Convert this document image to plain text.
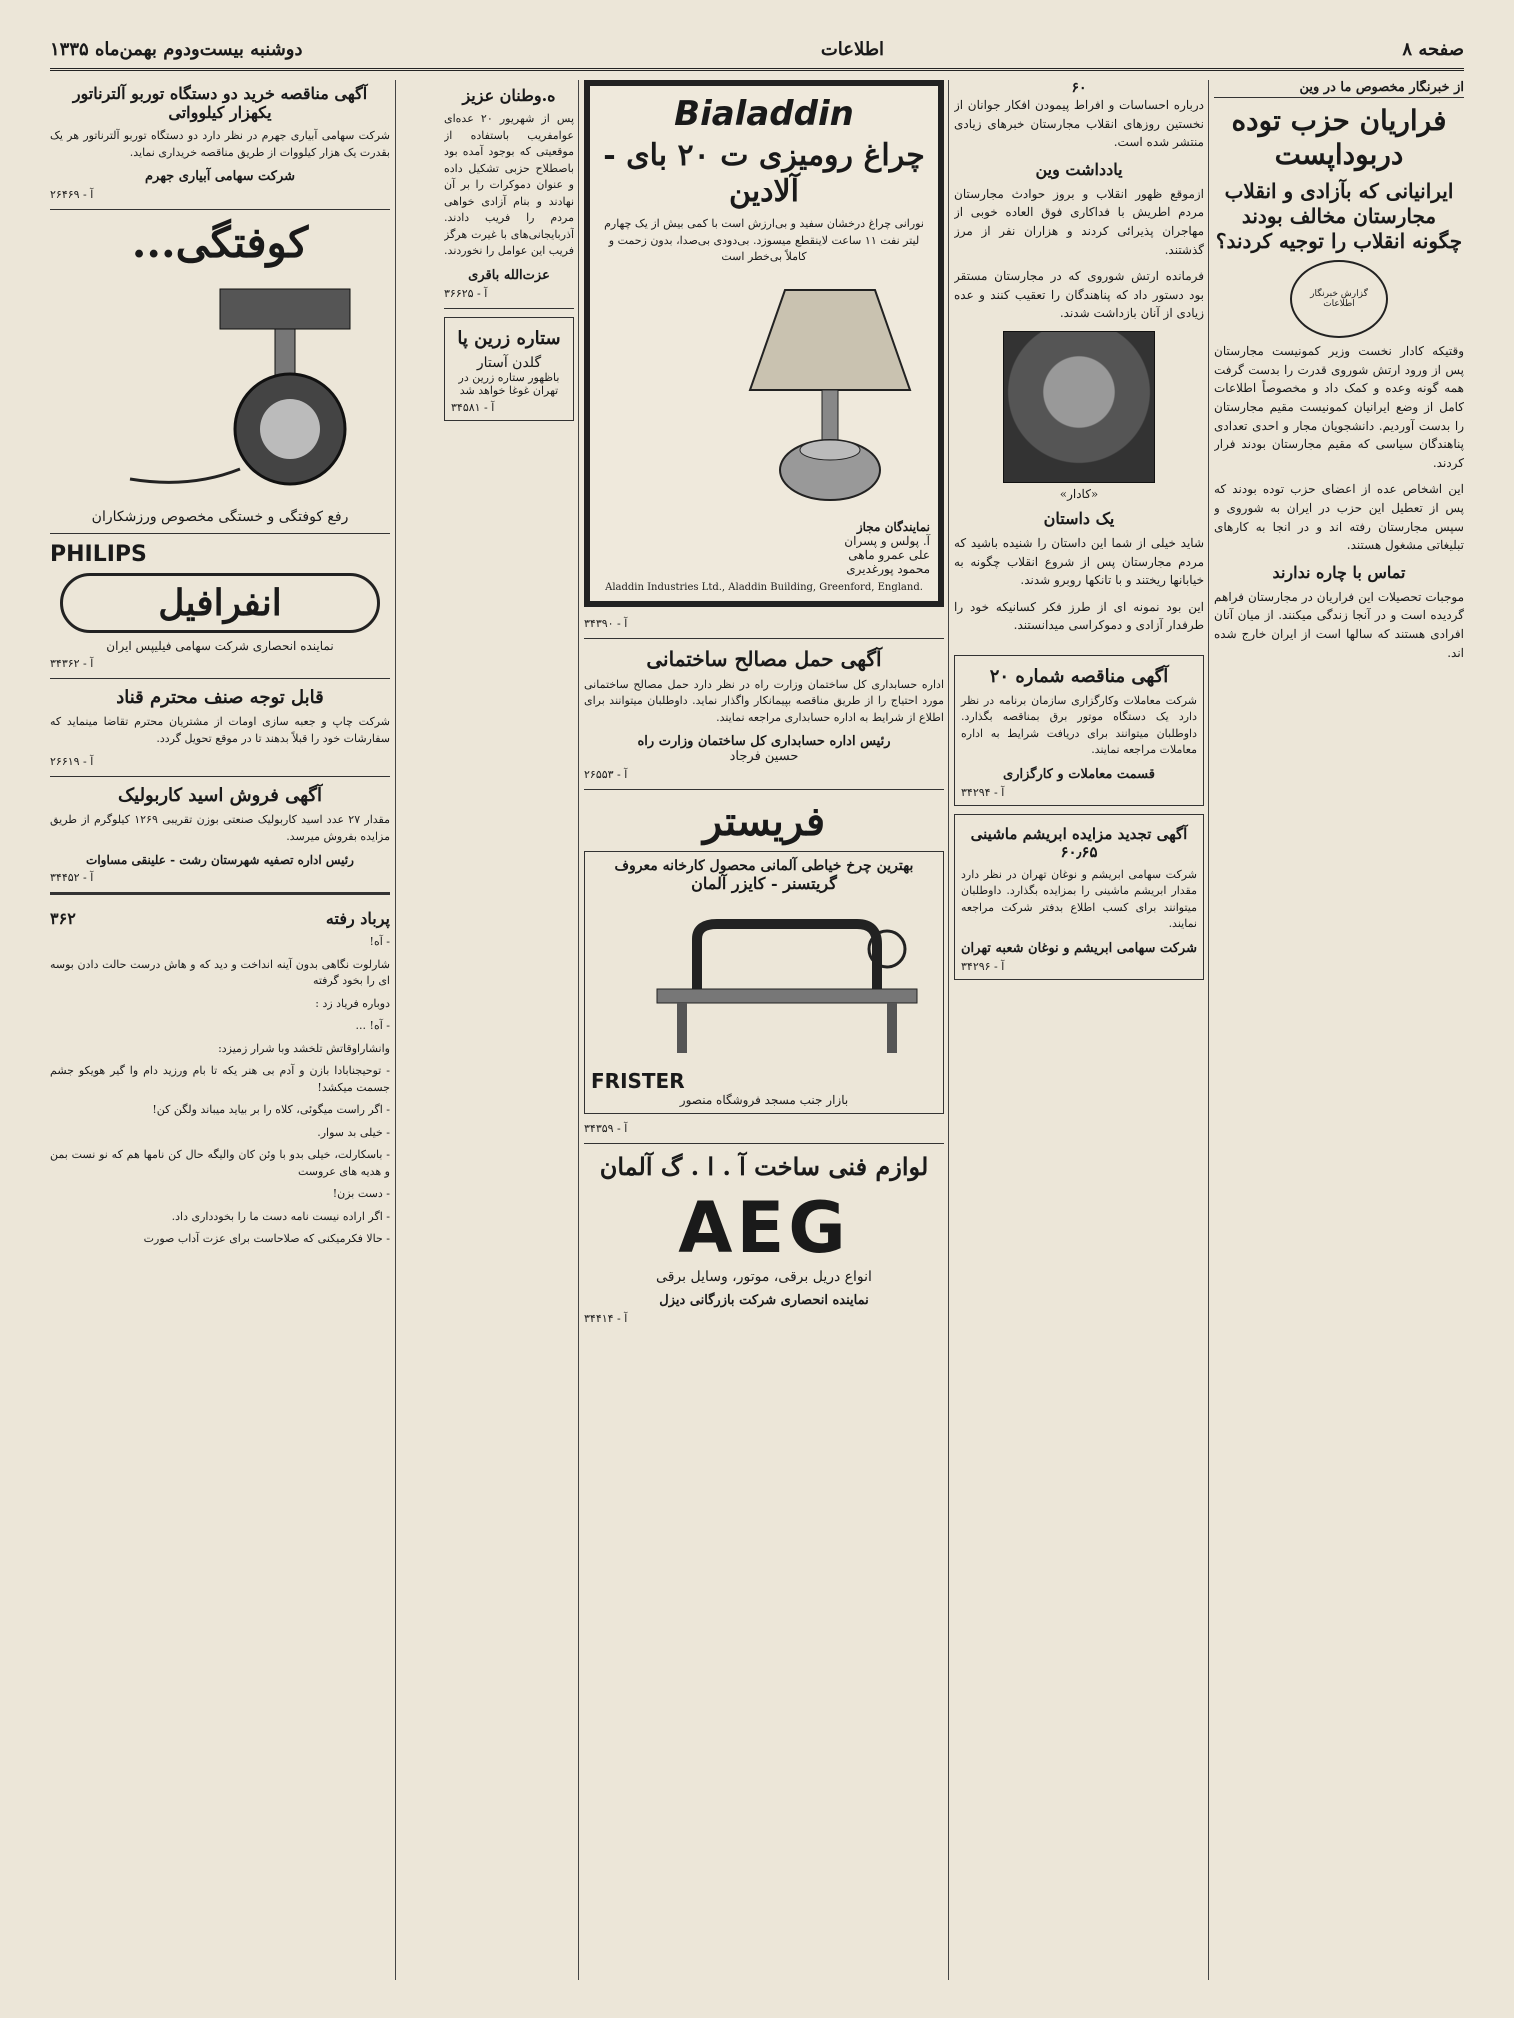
صفحه ۸
اطلاعات
دوشنبه بیست‌ودوم بهمن‌ماه ۱۳۳۵
از خبرنگار مخصوص ما در وین
فراریان حزب توده دربوداپست
ایرانیانی که بآزادی و انقلاب مجارستان مخالف بودند چگونه انقلاب را توجیه کردند؟
گزارش خبرنگار اطلاعات

وقتیکه کادار نخست وزیر کمونیست مجارستان پس از ورود ارتش شوروی قدرت را بدست گرفت همه گونه وعده و کمک داد و مخصوصاً اطلاعات کامل از وضع ایرانیان کمونیست مقیم مجارستان را بدست آوردیم. دانشجویان مجار و احدی تعدادی پناهندگان سیاسی که مقیم مجارستان بودند فرار کردند.

این اشخاص عده از اعضای حزب توده بودند که پس از تعطیل این حزب در ایران به شوروی و سپس مجارستان رفته اند و در انجا به کارهای تبلیغاتی مشغول هستند.

تماس با چاره ندارند

موجبات تحصیلات این فراریان در مجارستان فراهم گردیده است و در آنجا زندگی میکنند. از میان آنان افرادی هستند که سالها است از ایران خارج شده اند.

۶۰

درباره احساسات و افراط پیمودن افکار جوانان از نخستین روزهای انقلاب مجارستان خبرهای زیادی منتشر شده است.

یادداشت وین

ازموقع ظهور انقلاب و بروز حوادث مجارستان مردم اطریش با فداکاری فوق العاده خوبی از مهاجران پذیرائی کردند و هزاران نفر از مرز گذشتند.

فرمانده ارتش شوروی که در مجارستان مستقر بود دستور داد که پناهندگان را تعقیب کنند و عده زیادی از آنان بازداشت شدند.

«کادار»
یک داستان

شاید خیلی از شما این داستان را شنیده باشید که مردم مجارستان پس از شروع انقلاب چگونه به خیابانها ریختند و با تانکها روبرو شدند.

این بود نمونه ای از طرز فکر کسانیکه خود را طرفدار آزادی و دموکراسی میدانستند.

آگهی مناقصه شماره ۲۰

شرکت معاملات وکارگزاری سازمان برنامه در نظر دارد یک دستگاه موتور برق بمناقصه بگذارد. داوطلبان میتوانند برای دریافت شرایط به اداره معاملات مراجعه نمایند.

قسمت معاملات و کارگزاری
آ - ۳۴۲۹۴
آگهی تجدید مزایده ابریشم ماشینی ۶۰٫۶۵

شرکت سهامی ابریشم و نوغان تهران در نظر دارد مقدار ابریشم ماشینی را بمزایده بگذارد. داوطلبان میتوانند برای کسب اطلاع بدفتر شرکت مراجعه نمایند.

شرکت سهامی ابریشم و نوغان شعبه تهران
آ - ۳۴۲۹۶
Bialaddin
چراغ رومیزی ت ۲۰ بای - آلادین

نورانی چراغ درخشان سفید و بی‌ارزش است با کمی بیش از یک چهارم لیتر نفت ۱۱ ساعت لاینقطع میسوزد. بی‌دودی بی‌صدا، بدون زحمت و کاملاً بی‌خطر است

نمایندگان مجاز
آ. پولس و پسران
علی عمرو ماهی
محمود پورغدیری
Aladdin Industries Ltd., Aladdin Building, Greenford, England.
آ - ۳۴۳۹۰
آگهی حمل مصالح ساختمانی

اداره حسابداری کل ساختمان وزارت راه در نظر دارد حمل مصالح ساختمانی مورد احتیاج را از طریق مناقصه بپیمانکار واگذار نماید. داوطلبان میتوانند برای اطلاع از شرایط به اداره حسابداری مراجعه نمایند.

رئیس اداره حسابداری کل ساختمان وزارت راه
حسین فرجاد
آ - ۲۶۵۵۳
فریستر
بهترین چرخ خیاطی آلمانی محصول کارخانه معروف
گریتسنر - کایزر آلمان
FRISTER
بازار جنب مسجد فروشگاه منصور
آ - ۳۴۳۵۹
لوازم فنی ساخت آ . ا . گ آلمان
AEG
انواع دریل برقی، موتور، وسایل برقی
نماینده انحصاری شرکت بازرگانی دیزل
آ - ۳۴۴۱۴
ه.وطنان عزیز

پس از شهریور ۲۰ عده‌ای عوامفریب باستفاده از موقعیتی که بوجود آمده بود باصطلاح حزبی تشکیل داده و عنوان دموکرات را بر آن نهادند و بنام آزادی خواهی مردم را فریب دادند. آذربایجانی‌های با غیرت هرگز فریب این عوامل را نخوردند.

عزت‌الله باقری
آ - ۳۶۶۲۵
ستاره زرین پا
گلدن آستار
باظهور ستاره زرین در تهران غوغا خواهد شد
آ - ۳۴۵۸۱
آگهی مناقصه خرید دو دستگاه توربو آلترناتور یکهزار کیلوواتی

شرکت سهامی آبیاری جهرم در نظر دارد دو دستگاه توربو آلترناتور هر یک بقدرت یک هزار کیلووات از طریق مناقصه خریداری نماید.

شرکت سهامی آبیاری جهرم
آ - ۲۶۴۶۹
کوفتگی...
رفع کوفتگی و خستگی مخصوص ورزشکاران
PHILIPS
انفرافیل
نماینده انحصاری شرکت سهامی فیلیپس ایران
آ - ۳۴۳۶۲
قابل توجه صنف محترم قناد

شرکت چاپ و جعبه سازی اومات از مشتریان محترم تقاضا مینماید که سفارشات خود را قبلاً بدهند تا در موقع تحویل گردد.

آ - ۲۶۶۱۹
آگهی فروش اسید کاربولیک

مقدار ۲۷ عدد اسید کاربولیک صنعتی بوزن تقریبی ۱۲۶۹ کیلوگرم از طریق مزایده بفروش میرسد.

رئیس اداره تصفیه شهرستان رشت - علینقی مساوات
آ - ۳۴۴۵۲
پرباد رفته
۳۶۲

- آه!

شارلوت نگاهی بدون آینه انداخت و دید که و هاش درست حالت دادن بوسه ای را بخود گرفته

دوباره فریاد زد :

- آه! ...

وانشاراوقاتش تلخشد وبا شرار زمیزد:

- توحیجنابادا بازن و آدم بی هنر یکه تا بام ورزید دام وا گیر هویکو جشم جسمت میکشد!

- اگر راست میگوئی، کلاه را بر بیاید میباند ولگن کن!

- خیلی بد سوار.

- باسکارلت، خیلی بدو با وئن کان والیگه حال کن نامها هم که نو نست بمن و هدیه های عروست

- دست بزن!

- اگر اراده نیست نامه دست ما را بخودداری داد.

- حالا فکرمیکنی که صلاحاست برای عزت آداب صورت
